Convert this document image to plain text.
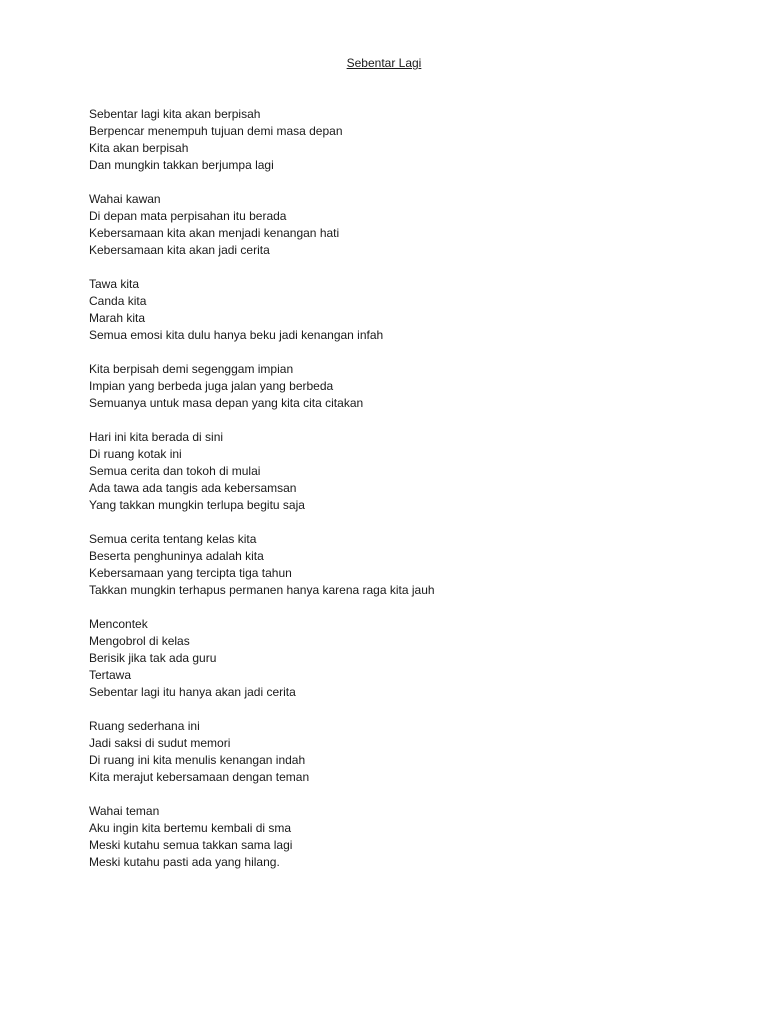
Sebentar Lagi
Sebentar lagi kita akan berpisah
Berpencar menempuh tujuan demi masa depan
Kita akan berpisah
Dan mungkin takkan berjumpa lagi
Wahai kawan
Di depan mata perpisahan itu berada
Kebersamaan kita akan menjadi kenangan hati
Kebersamaan kita akan jadi cerita
Tawa kita
Canda kita
Marah kita
Semua emosi kita dulu hanya beku jadi kenangan infah
Kita berpisah demi segenggam impian
Impian yang berbeda juga jalan yang berbeda
Semuanya untuk masa depan yang kita cita citakan
Hari ini kita berada di sini
Di ruang kotak ini
Semua cerita dan tokoh di mulai
Ada tawa ada tangis ada kebersamsan
Yang takkan mungkin terlupa begitu saja
Semua cerita tentang kelas kita
Beserta penghuninya adalah kita
Kebersamaan yang tercipta tiga tahun
Takkan mungkin terhapus permanen hanya karena raga kita jauh
Mencontek
Mengobrol di kelas
Berisik jika tak ada guru
Tertawa
Sebentar lagi itu hanya akan jadi cerita
Ruang sederhana ini
Jadi saksi di sudut memori
Di ruang ini kita menulis kenangan indah
Kita merajut kebersamaan dengan teman
Wahai teman
Aku ingin kita bertemu kembali di sma
Meski kutahu semua takkan sama lagi
Meski kutahu pasti ada yang hilang.
